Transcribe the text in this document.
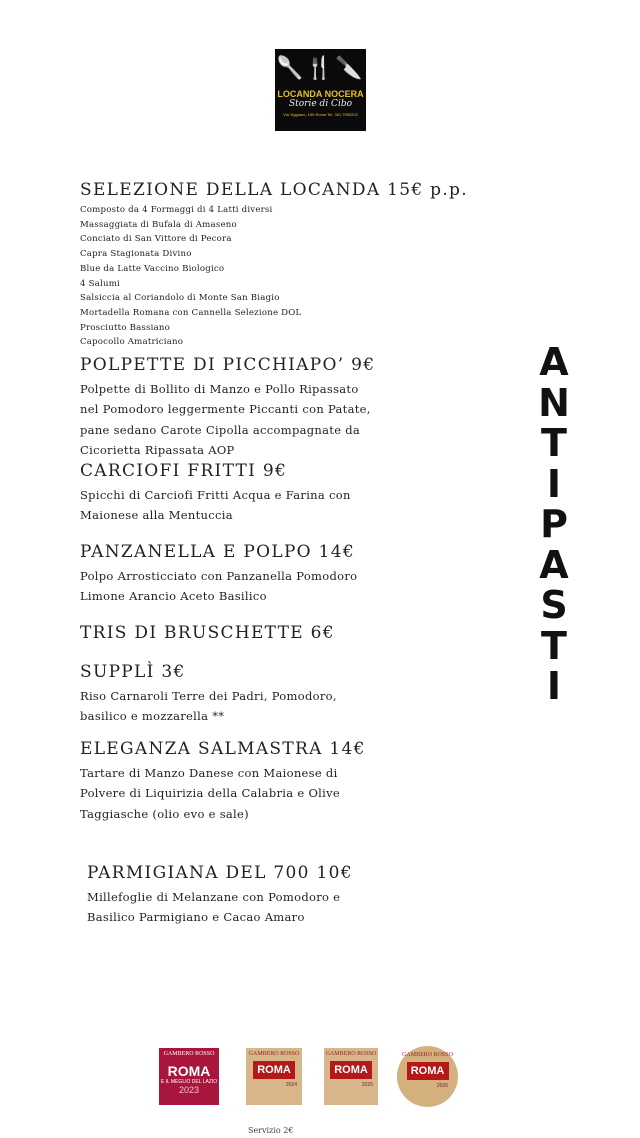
🥄🍴🔪
LOCANDA NOCERA
Storie di Cibo
Via Viggiano, 155 Roma Tel. 351 7590202
SELEZIONE DELLA LOCANDA 15€ p.p.
Composto da 4 Formaggi di 4 Latti diversi
Massaggiata di Bufala di Amaseno
Conciato di San Vittore di Pecora
Capra Stagionata Divino
Blue da Latte Vaccino Biologico
4 Salumi
Salsiccia al Coriandolo di Monte San Biagio
Mortadella Romana con Cannella Selezione DOL
Prosciutto Bassiano
Capocollo Amatriciano
POLPETTE DI PICCHIAPO’ 9€
Polpette di Bollito di Manzo e Pollo Ripassato
nel Pomodoro leggermente Piccanti con Patate,
pane sedano Carote Cipolla accompagnate da
Cicorietta Ripassata AOP
CARCIOFI FRITTI 9€
Spicchi di Carciofi Fritti Acqua e Farina con
Maionese alla Mentuccia
PANZANELLA E POLPO 14€
Polpo Arrosticciato con Panzanella Pomodoro
Limone Arancio Aceto Basilico
TRIS DI BRUSCHETTE 6€
SUPPLÌ 3€
Riso Carnaroli Terre dei Padri, Pomodoro,
basilico e mozzarella **
ELEGANZA SALMASTRA 14€
Tartare di Manzo Danese con Maionese di
Polvere di Liquirizia della Calabria e Olive
Taggiasche (olio evo e sale)
PARMIGIANA DEL 700 10€
Millefoglie di Melanzane con Pomodoro e
Basilico Parmigiano e Cacao Amaro
A
N
T
I
P
A
S
T
I
GAMBERO ROSSO
ROMA
E IL MEGLIO DEL LAZIO
2023
GAMBERO ROSSO
ROMA
2024
GAMBERO ROSSO
ROMA
2025
GAMBERO ROSSO
ROMA
2026
Servizio 2€
